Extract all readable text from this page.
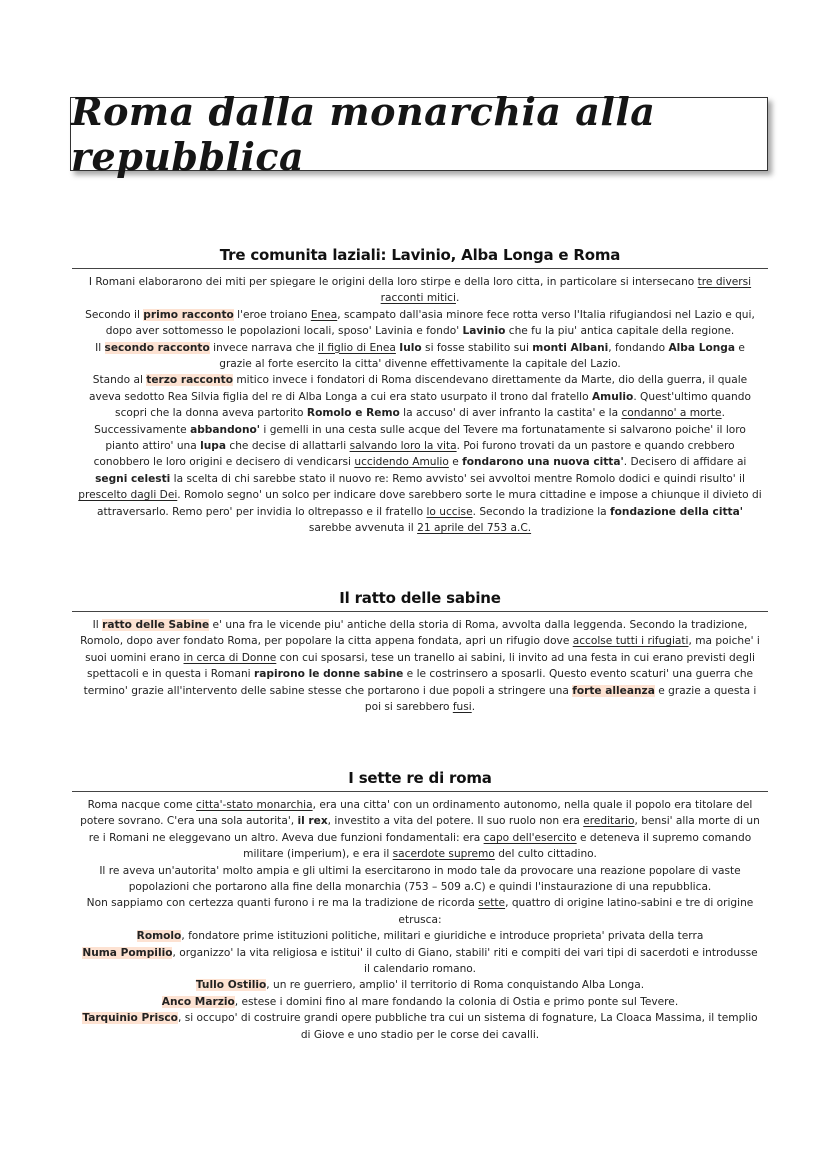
Roma dalla monarchia alla repubblica
Tre comunita laziali: Lavinio, Alba Longa e Roma

I Romani elaborarono dei miti per spiegare le origini della loro stirpe e della loro citta, in particolare si intersecano tre diversi racconti mitici.

Secondo il primo racconto l'eroe troiano Enea, scampato dall'asia minore fece rotta verso l'Italia rifugiandosi nel Lazio e qui, dopo aver sottomesso le popolazioni locali, sposo' Lavinia e fondo' Lavinio che fu la piu' antica capitale della regione.

Il secondo racconto invece narrava che il figlio di Enea Iulo si fosse stabilito sui monti Albani, fondando Alba Longa e grazie al forte esercito la citta' divenne effettivamente la capitale del Lazio.

Stando al terzo racconto mitico invece i fondatori di Roma discendevano direttamente da Marte, dio della guerra, il quale aveva sedotto Rea Silvia figlia del re di Alba Longa a cui era stato usurpato il trono dal fratello Amulio. Quest'ultimo quando scopri che la donna aveva partorito Romolo e Remo la accuso' di aver infranto la castita' e la condanno' a morte. Successivamente abbandono' i gemelli in una cesta sulle acque del Tevere ma fortunatamente si salvarono poiche' il loro pianto attiro' una lupa che decise di allattarli salvando loro la vita. Poi furono trovati da un pastore e quando crebbero conobbero le loro origini e decisero di vendicarsi uccidendo Amulio e fondarono una nuova citta'. Decisero di affidare ai segni celesti la scelta di chi sarebbe stato il nuovo re: Remo avvisto' sei avvoltoi mentre Romolo dodici e quindi risulto' il prescelto dagli Dei. Romolo segno' un solco per indicare dove sarebbero sorte le mura cittadine e impose a chiunque il divieto di attraversarlo. Remo pero' per invidia lo oltrepasso e il fratello lo uccise. Secondo la tradizione la fondazione della citta' sarebbe avvenuta il 21 aprile del 753 a.C.

Il ratto delle sabine

Il ratto delle Sabine e' una fra le vicende piu' antiche della storia di Roma, avvolta dalla leggenda. Secondo la tradizione, Romolo, dopo aver fondato Roma, per popolare la citta appena fondata, apri un rifugio dove accolse tutti i rifugiati, ma poiche' i suoi uomini erano in cerca di Donne con cui sposarsi, tese un tranello ai sabini, li invito ad una festa in cui erano previsti degli spettacoli e in questa i Romani rapirono le donne sabine e le costrinsero a sposarli. Questo evento scaturi' una guerra che termino' grazie all'intervento delle sabine stesse che portarono i due popoli a stringere una forte alleanza e grazie a questa i poi si sarebbero fusi.

I sette re di roma

Roma nacque come citta'-stato monarchia, era una citta' con un ordinamento autonomo, nella quale il popolo era titolare del potere sovrano. C'era una sola autorita', il rex, investito a vita del potere. Il suo ruolo non era ereditario, bensi' alla morte di un re i Romani ne eleggevano un altro. Aveva due funzioni fondamentali: era capo dell'esercito e deteneva il supremo comando militare (imperium), e era il sacerdote supremo del culto cittadino.

Il re aveva un'autorita' molto ampia e gli ultimi la esercitarono in modo tale da provocare una reazione popolare di vaste popolazioni che portarono alla fine della monarchia (753 – 509 a.C) e quindi l'instaurazione di una repubblica.

Non sappiamo con certezza quanti furono i re ma la tradizione de ricorda sette, quattro di origine latino-sabini e tre di origine etrusca:

Romolo, fondatore prime istituzioni politiche, militari e giuridiche e introduce proprieta' privata della terra

Numa Pompilio, organizzo' la vita religiosa e istitui' il culto di Giano, stabili' riti e compiti dei vari tipi di sacerdoti e introdusse il calendario romano.

Tullo Ostilio, un re guerriero, amplio' il territorio di Roma conquistando Alba Longa.

Anco Marzio, estese i domini fino al mare fondando la colonia di Ostia e primo ponte sul Tevere.

Tarquinio Prisco, si occupo' di costruire grandi opere pubbliche tra cui un sistema di fognature, La Cloaca Massima, il templio di Giove e uno stadio per le corse dei cavalli.
